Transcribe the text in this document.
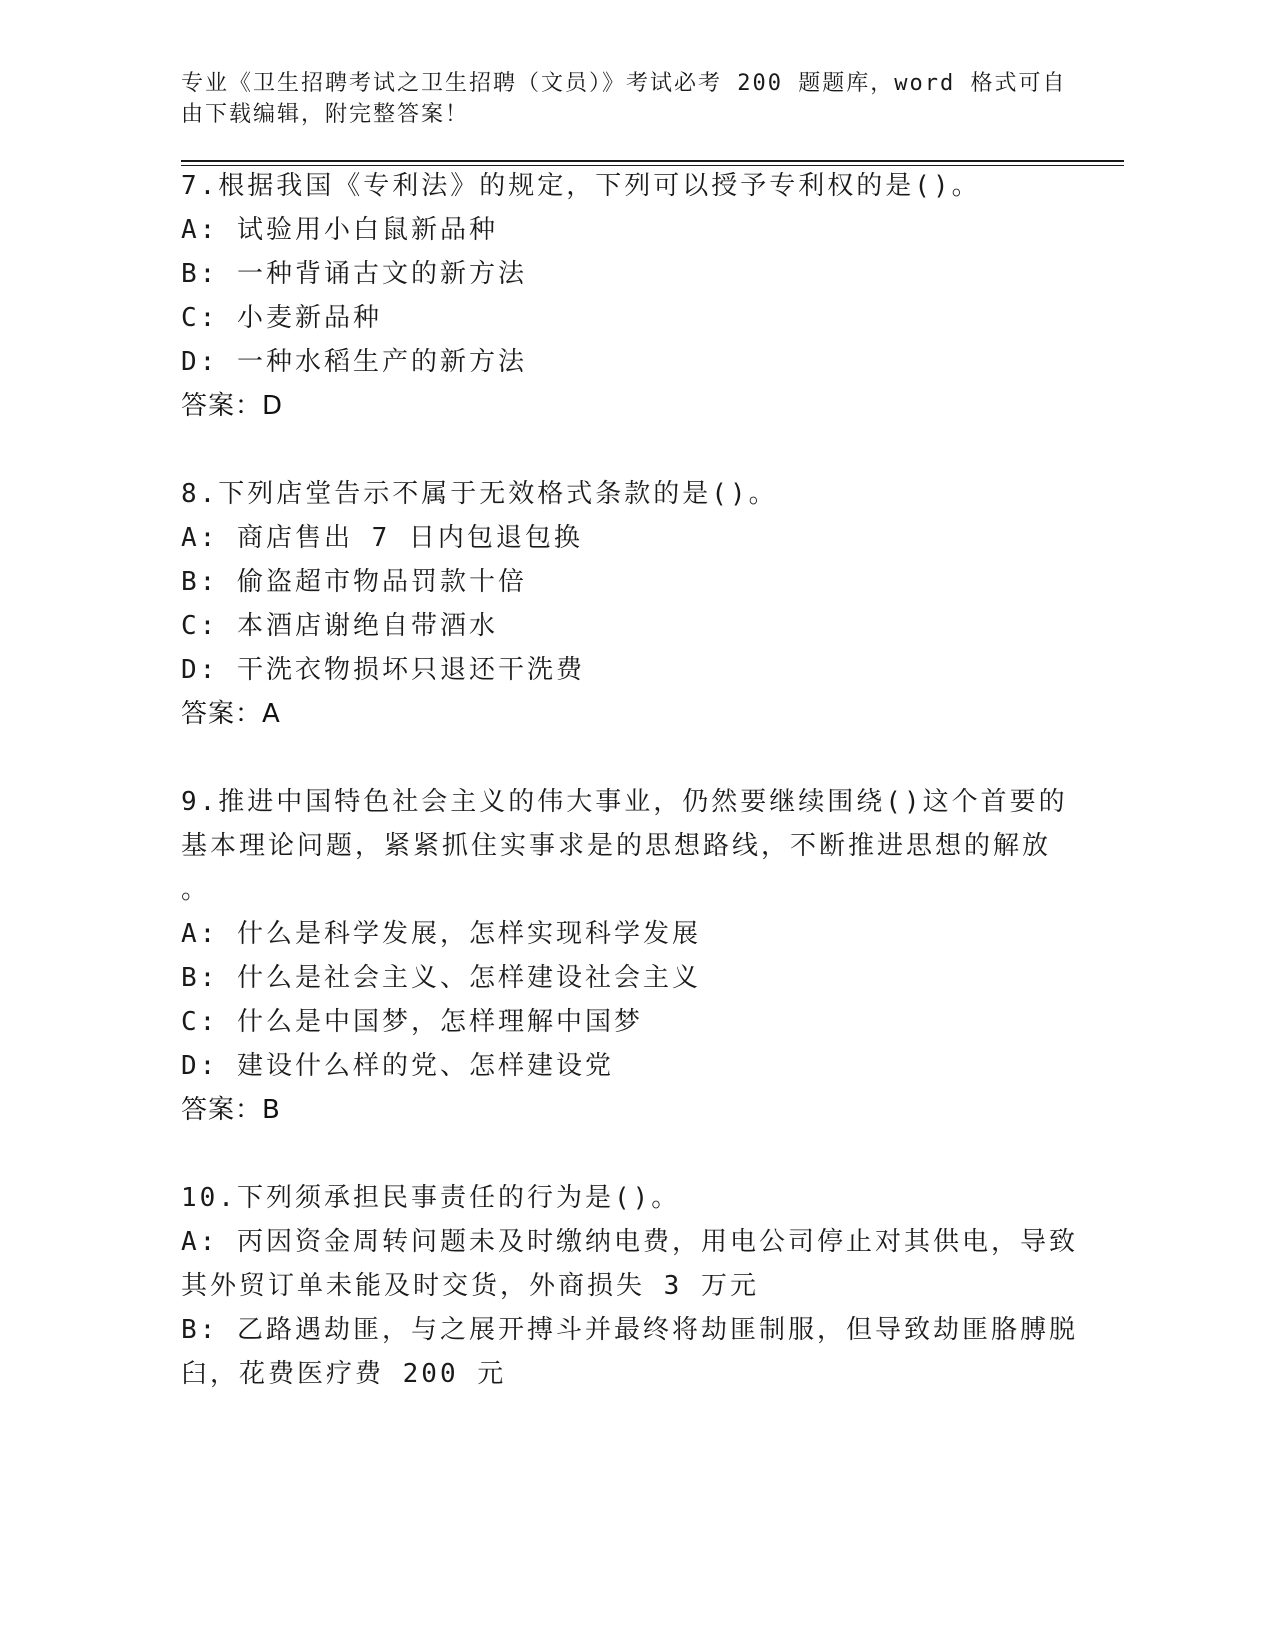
专业《卫生招聘考试之卫生招聘（文员）》考试必考 200 题题库，word 格式可自
由下载编辑，附完整答案！
7.根据我国《专利法》的规定，下列可以授予专利权的是()。
A: 试验用小白鼠新品种
B: 一种背诵古文的新方法
C: 小麦新品种
D: 一种水稻生产的新方法
答案：D
8.下列店堂告示不属于无效格式条款的是()。
A: 商店售出 7 日内包退包换
B: 偷盗超市物品罚款十倍
C: 本酒店谢绝自带酒水
D: 干洗衣物损坏只退还干洗费
答案：A
9.推进中国特色社会主义的伟大事业，仍然要继续围绕()这个首要的
基本理论问题，紧紧抓住实事求是的思想路线，不断推进思想的解放
。
A: 什么是科学发展，怎样实现科学发展
B: 什么是社会主义、怎样建设社会主义
C: 什么是中国梦，怎样理解中国梦
D: 建设什么样的党、怎样建设党
答案：B
10.下列须承担民事责任的行为是()。
A: 丙因资金周转问题未及时缴纳电费，用电公司停止对其供电，导致
其外贸订单未能及时交货，外商损失 3 万元
B: 乙路遇劫匪，与之展开搏斗并最终将劫匪制服，但导致劫匪胳膊脱
臼，花费医疗费 200 元
